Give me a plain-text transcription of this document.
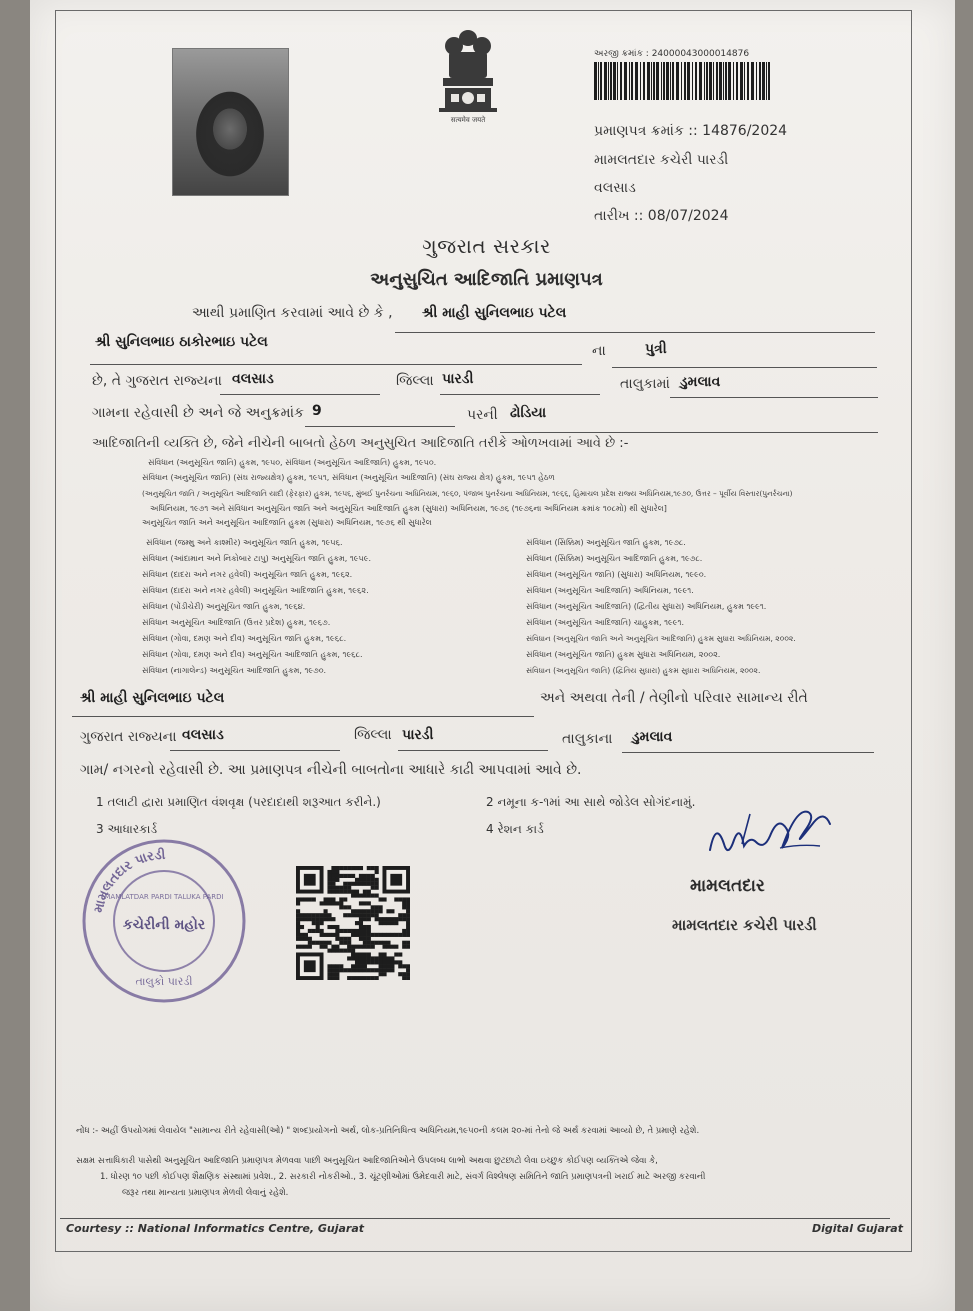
सत्यमेव जयते
અરજી ક્રમાંક : 24000043000014876
પ્રમાણપત્ર ક્રમાંક :: 14876/2024
મામલતદાર કચેરી પારડી
વલસાડ
તારીખ :: 08/07/2024
ગુજરાત સરકાર
અનુસુચિત આદિજાતિ પ્રમાણપત્ર
આથી પ્રમાણિત કરવામાં આવે છે કે , શ્રી માહી સુનિલભાઇ પટેલ
શ્રી સુનિલભાઇ ઠાકોરભાઇ પટેલ
ના	પુત્રી
છે, તે ગુજરાત રાજ્યના વલસાડ	જિલ્લા પારડી	તાલુકામાં ડુમલાવ
ગામના રહેવાસી છે અને જે અનુક્રમાંક 9	પરની ઢોડિયા
આદિજાતિની વ્યક્તિ છે, જેને નીચેની બાબતો હેઠળ અનુસુચિત આદિજાતિ તરીકે ઓળખવામાં આવે છે :-
સંવિધાન (અનુસૂચિત જાતિ) હુકમ, ૧૯૫૦, સંવિધાન (અનુસૂચિત આદિજાતિ) હુકમ, ૧૯૫૦.
સંવિધાન (અનુસૂચિત જાતિ) (સંઘ રાજ્યક્ષેત્ર) હુકમ, ૧૯૫૧, સંવિધાન (અનુસૂચિત આદિજાતિ) (સંઘ રાજ્ય ક્ષેત્ર) હુકમ, ૧૯૫૧ હેઠળ
(અનુસૂચિત જાતિ / અનુસૂચિત આદિજાતિ યાદી (ફેરફાર) હુકમ, ૧૯૫૬, મુંબઈ પુનર્રચના અધિનિયમ, ૧૯૬૦, પંજાબ પુનર્રચના અધિનિયમ, ૧૯૬૬, હિમાચલ પ્રદેશ રાજ્ય અધિનિયમ,૧૯૭૦, ઉત્તર – પૂર્વીય વિસ્તાર(પુનર્રચના)
અધિનિયમ, ૧૯૭૧ અને સંવિધાન અનુસૂચિત જાતિ અને અનુસૂચિત આદિજાતિ હુકમ (સુધારા) અધિનિયમ, ૧૯૭૬ (૧૯૭૬ના અધિનિયમ ક્રમાંક ૧૦૮મો) થી સુધારેલ]
અનુસૂચિત જાતિ અને અનુસૂચિત આદિજાતિ હુકમ (સુધારા) અધિનિયમ, ૧૯૭૬ થી સુધારેલ
સંવિધાન (જમ્મુ અને કાશ્મીર) અનુસૂચિત જાતિ હુકમ, ૧૯૫૬.
સંવિધાન (આંદામાન અને નિકોબાર ટાપુ) અનુસૂચિત જાતિ હુકમ, ૧૯૫૯.
સંવિધાન (દાદરા અને નગર હવેલી) અનુસૂચિત જાતિ હુકમ, ૧૯૬૨.
સંવિધાન (દાદરા અને નગર હવેલી) અનુસૂચિત આદિજાતિ હુકમ, ૧૯૬૨.
સંવિધાન (પોંડીચેરી) અનુસૂચિત જાતિ હુકમ, ૧૯૬૪.
સંવિધાન અનુસૂચિત આદિજાતિ (ઉત્તર પ્રદેશ) હુકમ, ૧૯૬૭.
સંવિધાન (ગોવા, દમણ અને દીવ) અનુસૂચિત જાતિ હુકમ, ૧૯૬૮.
સંવિધાન (ગોવા, દમણ અને દીવ) અનુસૂચિત આદિજાતિ હુકમ, ૧૯૬૮.
સંવિધાન (નાગાલેન્ડ) અનુસૂચિત આદિજાતિ હુકમ, ૧૯૭૦.
સંવિધાન (સિક્કિમ) અનુસૂચિત જાતિ હુકમ, ૧૯૭૮.
સંવિધાન (સિક્કિમ) અનુસૂચિત આદિજાતિ હુકમ, ૧૯૭૮.
સંવિધાન (અનુસૂચિત જાતિ) (સુધારા) અધિનિયમ, ૧૯૯૦.
સંવિધાન (અનુસૂચિત આદિજાતિ) અધિનિયમ, ૧૯૯૧.
સંવિધાન (અનુસૂચિત આદિજાતિ) (દ્વિતીય સુધારા) અધિનિયમ, હુકમ ૧૯૯૧.
સંવિધાન (અનુસૂચિત આદિજાતિ) ચાહુકમ, ૧૯૯૧.
સંવિધાન (અનુસૂચિત જાતિ અને અનુસૂચિત આદિજાતિ) હુકમ સુધારા અધિનિયમ, ૨૦૦૨.
સંવિધાન (અનુસૂચિત જાતિ) હુકમ સુધારા અધિનિયમ, ૨૦૦૨.
સંવિધાન (અનુસૂચિત જાતિ) (દ્વિતિય સુધારા) હુકમ સુધારા અધિનિયમ, ૨૦૦૨.
શ્રી માહી સુનિલભાઇ પટેલ	અને અથવા તેની / તેણીનો પરિવાર સામાન્ય રીતે
ગુજરાત રાજ્યના વલસાડ	જિલ્લા પારડી	તાલુકાના ડુમલાવ
ગામ/ નગરનો રહેવાસી છે. આ પ્રમાણપત્ર નીચેની બાબતોના આધારે કાઢી આપવામાં આવે છે.
1 તલાટી દ્વારા પ્રમાણિત વંશવૃક્ષ (પરદાદાથી શરૂઆત કરીને.)	2 નમૂના ક-૧માં આ સાથે જોડેલ સોગંદનામું.
3 આધારકાર્ડ	4 રેશન કાર્ડ
મામલતદાર પારડી
તાલુકો પારડી
MAMLATDAR PARDI TALUKA PARDI
કચેરીની મહોર
મામલતદાર
મામલતદાર કચેરી પારડી
નોંધ :- અહીં ઉપયોગમાં લેવાયેલ "સામાન્ય રીતે રહેવાસી(ઓ) " શબ્દપ્રયોગનો અર્થ, લોક-પ્રતિનિધિત્વ અધિનિયમ,૧૯૫૦ની કલમ ૨૦-માં તેનો જે અર્થ કરવામાં આવ્યો છે, તે પ્રમાણે રહેશે.
સક્ષમ સત્તાધિકારી પાસેથી અનુસૂચિત આદિજાતિ પ્રમાણપત્ર મેળવવા પાછી અનુસૂચિત આદિજાતિઓને ઉપલબ્ધ લાભો અથવા છુટછાટો લેવા ઇચ્છુક કોઈપણ વ્યક્તિએ જેવા કે,
1. ધોરણ ૧૦ પછી કોઈપણ શૈક્ષણિક સંસ્થામાં પ્રવેશ., 2. સરકારી નોકરીઓ., 3. ચૂંટણીઓમાં ઉમેદવારી માટે, સંવર્ગ વિશ્લેષણ સમિતિને જાતિ પ્રમાણપત્રની ખરાઈ માટે અરજી કરવાની
જરૂર તથા માન્યતા પ્રમાણપત્ર મેળવી લેવાનું રહેશે.
Courtesy :: National Informatics Centre, Gujarat	Digital Gujarat
